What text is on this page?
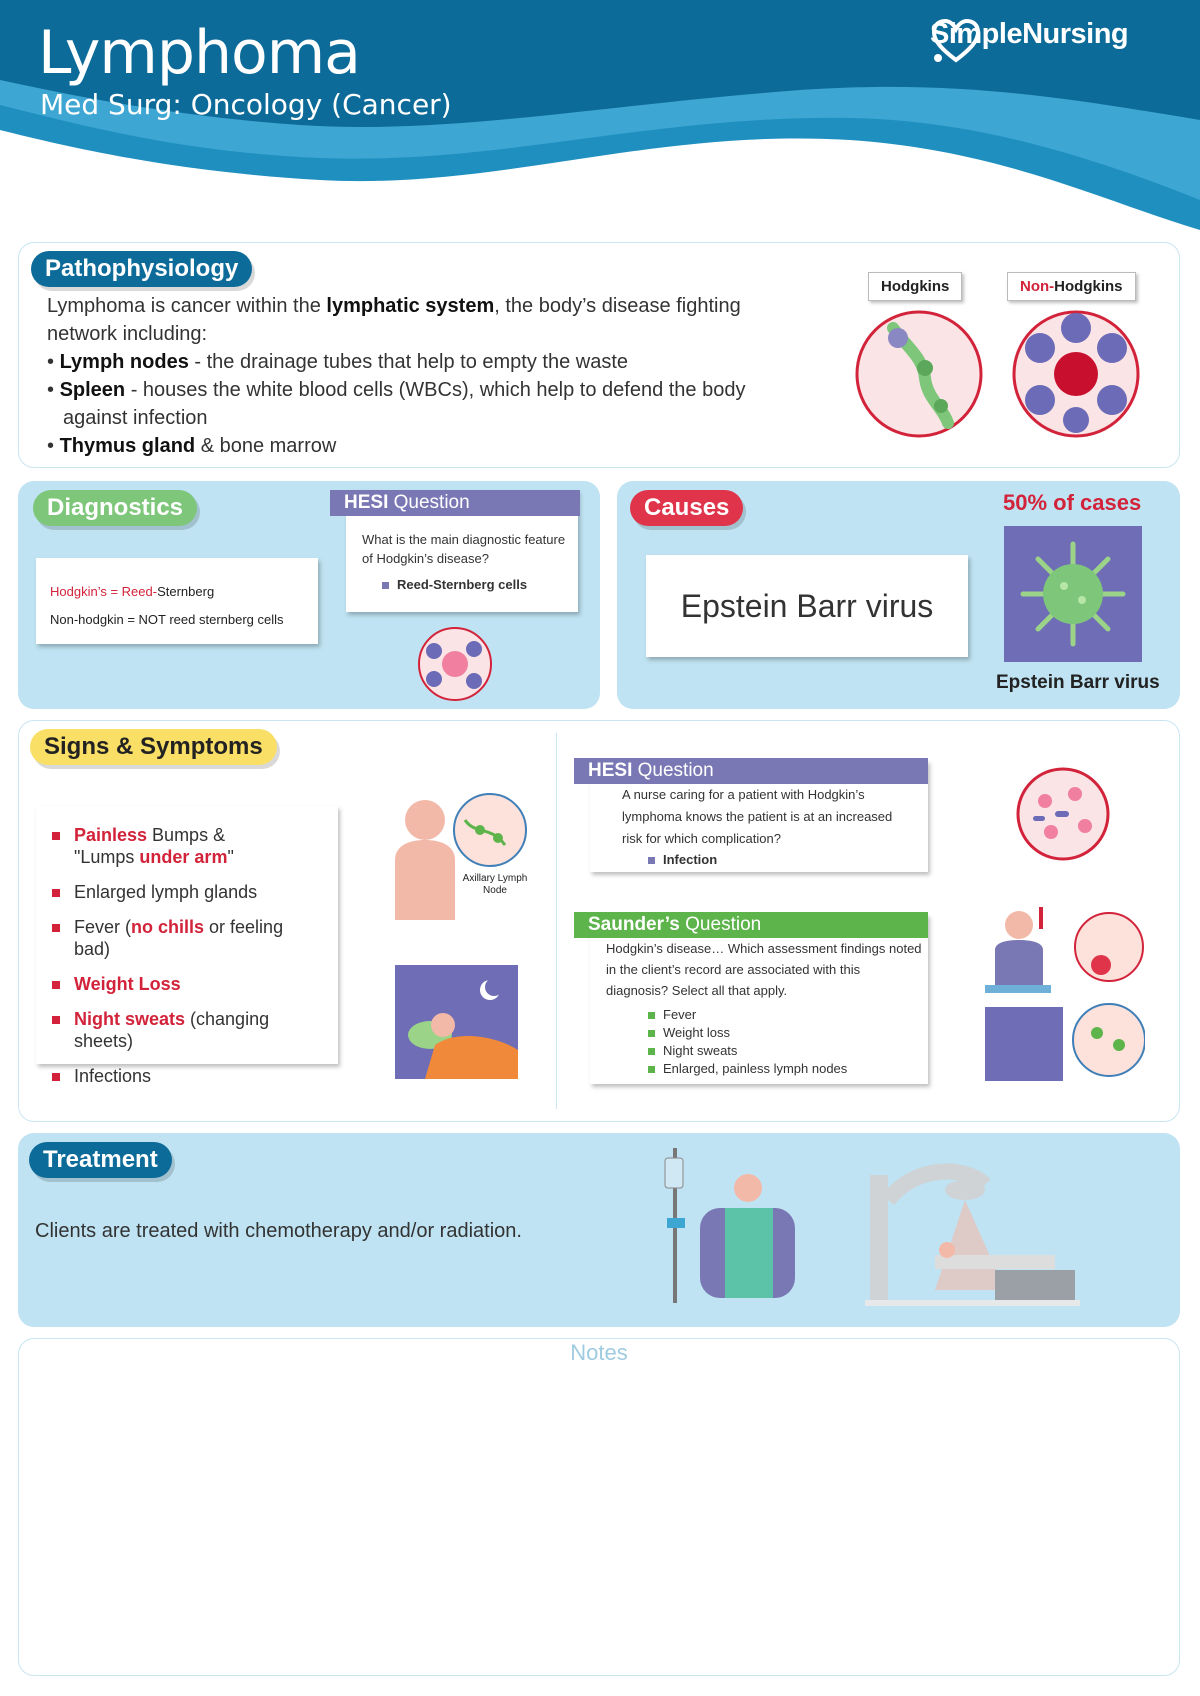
Lymphoma
Med Surg: Oncology (Cancer)
SimpleNursing
Pathophysiology
Lymphoma is cancer within the lymphatic system, the body’s disease fighting network including:
• Lymph nodes - the drainage tubes that help to empty the waste
• Spleen - houses the white blood cells (WBCs), which help to defend the body
against infection
• Thymus gland & bone marrow
Hodgkins	Non-Hodgkins
Diagnostics
Hodgkin’s = Reed-Sternberg
Non-hodgkin = NOT reed sternberg cells
HESI Question
What is the main diagnostic feature of Hodgkin’s disease?
Reed-Sternberg cells
Causes	50% of cases
Epstein Barr virus
Epstein Barr virus
Signs & Symptoms
Painless Bumps &
"Lumps under arm"
Enlarged lymph glands
Fever (no chills or feeling bad)
Weight Loss
Night sweats (changing sheets)
Infections
Axillary Lymph Node
HESI Question
A nurse caring for a patient with Hodgkin’s lymphoma knows the patient is at an increased risk for which complication?
Infection
Saunder’s Question
Hodgkin’s disease… Which assessment findings noted in the client’s record are associated with this diagnosis? Select all that apply.
Fever
Weight loss
Night sweats
Enlarged, painless lymph nodes
Treatment
Clients are treated with chemotherapy and/or radiation.
Notes
